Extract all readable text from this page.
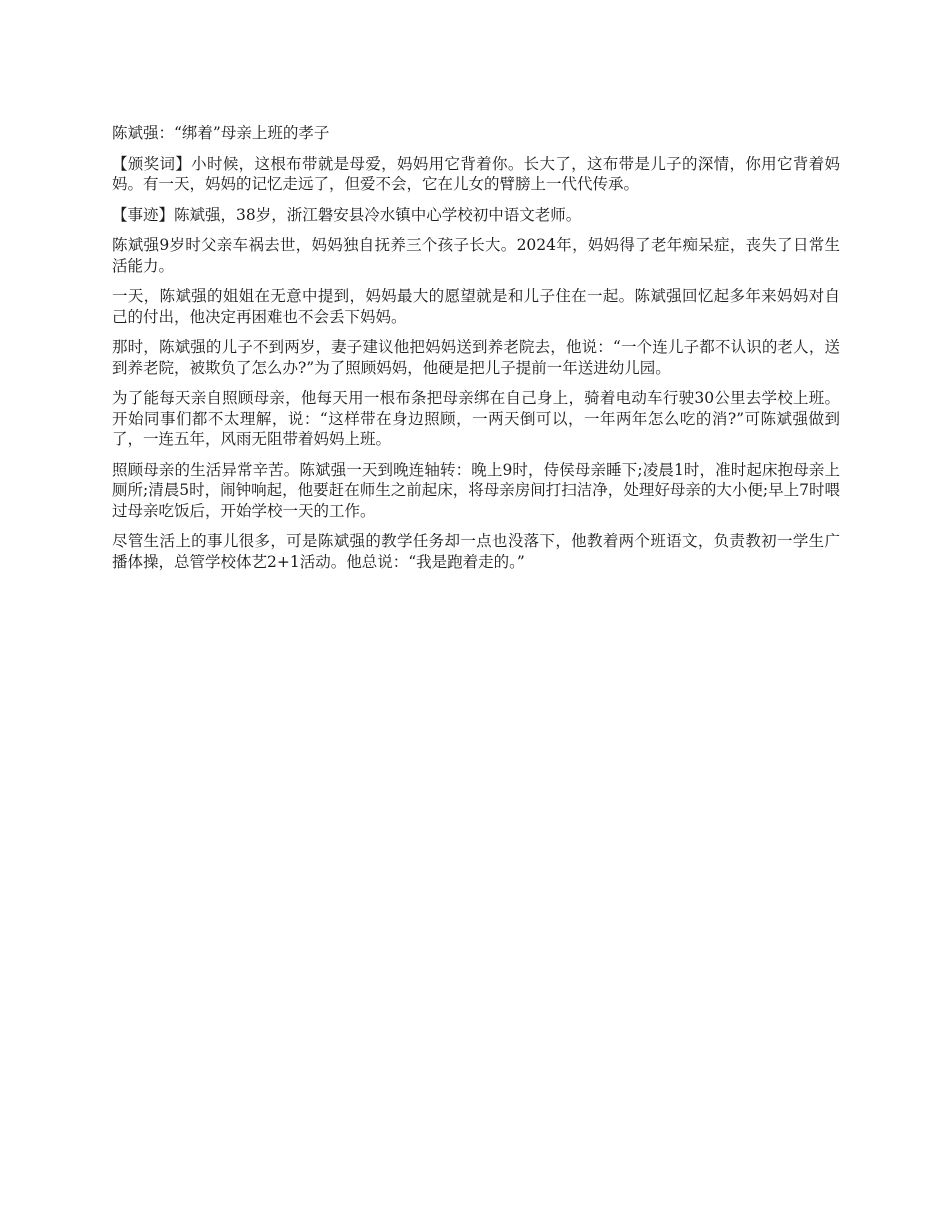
陈斌强：“绑着”母亲上班的孝子

【颁奖词】小时候，这根布带就是母爱，妈妈用它背着你。长大了，这布带是儿子的深情，你用它背着妈妈。有一天，妈妈的记忆走远了，但爱不会，它在儿女的臂膀上一代代传承。

【事迹】陈斌强，38岁，浙江磐安县冷水镇中心学校初中语文老师。

陈斌强9岁时父亲车祸去世，妈妈独自抚养三个孩子长大。2024年，妈妈得了老年痴呆症，丧失了日常生活能力。

一天，陈斌强的姐姐在无意中提到，妈妈最大的愿望就是和儿子住在一起。陈斌强回忆起多年来妈妈对自己的付出，他决定再困难也不会丢下妈妈。

那时，陈斌强的儿子不到两岁，妻子建议他把妈妈送到养老院去，他说：“一个连儿子都不认识的老人，送到养老院，被欺负了怎么办?”为了照顾妈妈，他硬是把儿子提前一年送进幼儿园。

为了能每天亲自照顾母亲，他每天用一根布条把母亲绑在自己身上，骑着电动车行驶30公里去学校上班。开始同事们都不太理解，说：“这样带在身边照顾，一两天倒可以，一年两年怎么吃的消?”可陈斌强做到了，一连五年，风雨无阻带着妈妈上班。

照顾母亲的生活异常辛苦。陈斌强一天到晚连轴转：晚上9时，侍侯母亲睡下;凌晨1时，准时起床抱母亲上厕所;清晨5时，闹钟响起，他要赶在师生之前起床，将母亲房间打扫洁净，处理好母亲的大小便;早上7时喂过母亲吃饭后，开始学校一天的工作。

尽管生活上的事儿很多，可是陈斌强的教学任务却一点也没落下，他教着两个班语文，负责教初一学生广播体操，总管学校体艺2+1活动。他总说：“我是跑着走的。”
